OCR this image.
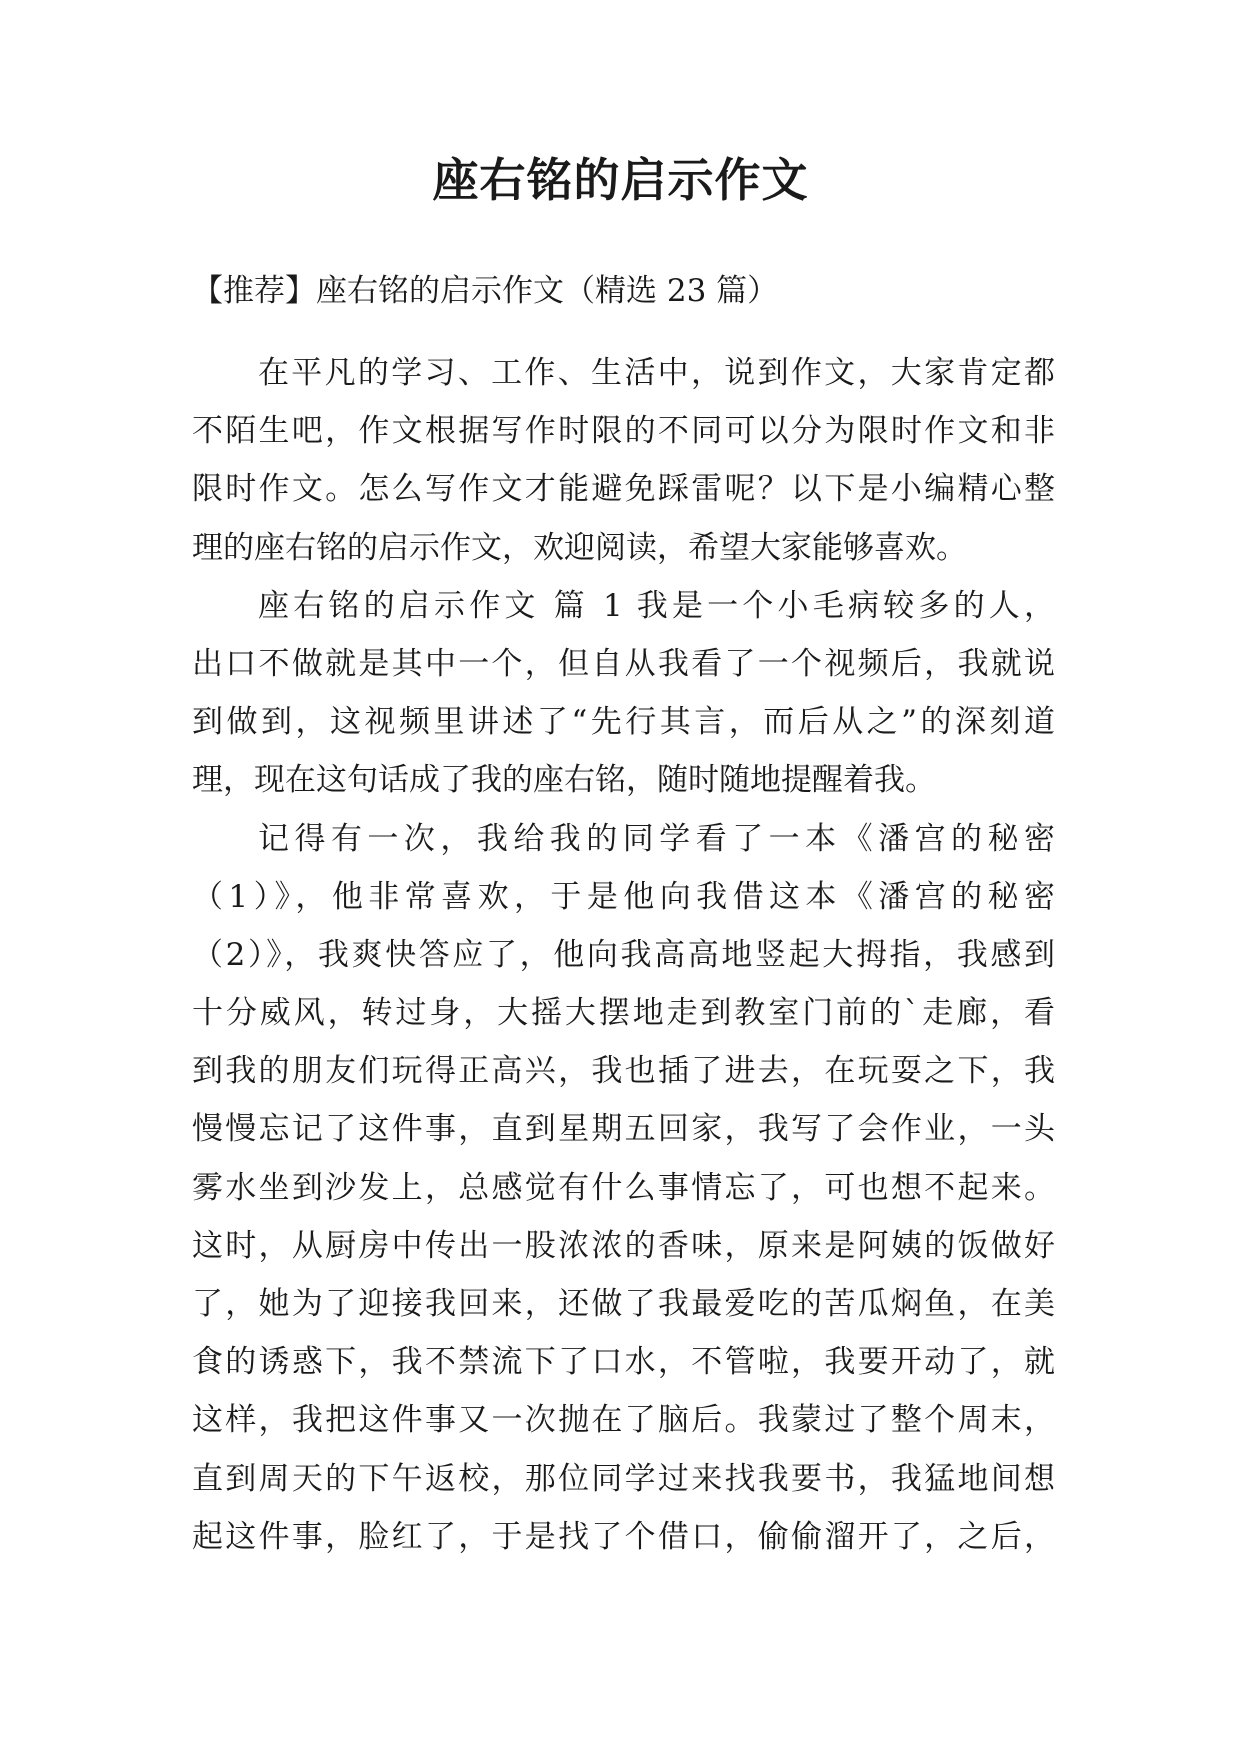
座右铭的启示作文

【推荐】座右铭的启示作文（精选 23 篇）

在平凡的学习、工作、生活中，说到作文，大家肯定都
不陌生吧，作文根据写作时限的不同可以分为限时作文和非
限时作文。怎么写作文才能避免踩雷呢？以下是小编精心整
理的座右铭的启示作文，欢迎阅读，希望大家能够喜欢。
座右铭的启示作文 篇 1 我是一个小毛病较多的人，
出口不做就是其中一个，但自从我看了一个视频后，我就说
到做到，这视频里讲述了“先行其言，而后从之”的深刻道
理，现在这句话成了我的座右铭，随时随地提醒着我。
记得有一次，我给我的同学看了一本《潘宫的秘密
（1）》，他非常喜欢，于是他向我借这本《潘宫的秘密
（2）》，我爽快答应了，他向我高高地竖起大拇指，我感到
十分威风，转过身，大摇大摆地走到教室门前的`走廊，看
到我的朋友们玩得正高兴，我也插了进去，在玩耍之下，我
慢慢忘记了这件事，直到星期五回家，我写了会作业，一头
雾水坐到沙发上，总感觉有什么事情忘了，可也想不起来。
这时，从厨房中传出一股浓浓的香味，原来是阿姨的饭做好
了，她为了迎接我回来，还做了我最爱吃的苦瓜焖鱼，在美
食的诱惑下，我不禁流下了口水，不管啦，我要开动了，就
这样，我把这件事又一次抛在了脑后。我蒙过了整个周末，
直到周天的下午返校，那位同学过来找我要书，我猛地间想
起这件事，脸红了，于是找了个借口，偷偷溜开了，之后，
